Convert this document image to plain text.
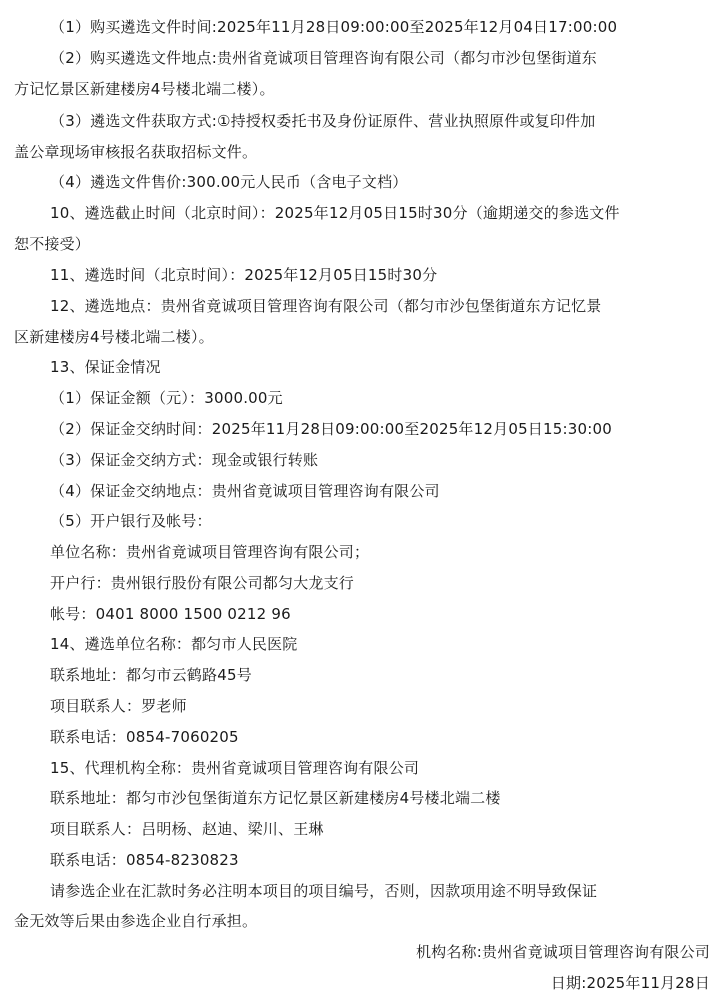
（1）购买遴选文件时间:2025年11月28日09:00:00至2025年12月04日17:00:00
（2）购买遴选文件地点:贵州省竟诚项目管理咨询有限公司（都匀市沙包堡街道东
方记忆景区新建楼房4号楼北端二楼）。
（3）遴选文件获取方式:①持授权委托书及身份证原件、营业执照原件或复印件加
盖公章现场审核报名获取招标文件。
（4）遴选文件售价:300.00元人民币（含电子文档）
10、遴选截止时间（北京时间）：2025年12月05日15时30分（逾期递交的参选文件
恕不接受）
11、遴选时间（北京时间）：2025年12月05日15时30分
12、遴选地点：贵州省竟诚项目管理咨询有限公司（都匀市沙包堡街道东方记忆景
区新建楼房4号楼北端二楼）。
13、保证金情况
（1）保证金额（元）：3000.00元
（2）保证金交纳时间：2025年11月28日09:00:00至2025年12月05日15:30:00
（3）保证金交纳方式：现金或银行转账
（4）保证金交纳地点：贵州省竟诚项目管理咨询有限公司
（5）开户银行及帐号：
单位名称：贵州省竟诚项目管理咨询有限公司；
开户行：贵州银行股份有限公司都匀大龙支行
帐号：0401 8000 1500 0212 96
14、遴选单位名称：都匀市人民医院
联系地址：都匀市云鹤路45号
项目联系人：罗老师
联系电话：0854-7060205
15、代理机构全称：贵州省竟诚项目管理咨询有限公司
联系地址：都匀市沙包堡街道东方记忆景区新建楼房4号楼北端二楼
项目联系人：吕明杨、赵迪、梁川、王琳
联系电话：0854-8230823
请参选企业在汇款时务必注明本项目的项目编号，否则，因款项用途不明导致保证
金无效等后果由参选企业自行承担。
机构名称:贵州省竟诚项目管理咨询有限公司
日期:2025年11月28日
